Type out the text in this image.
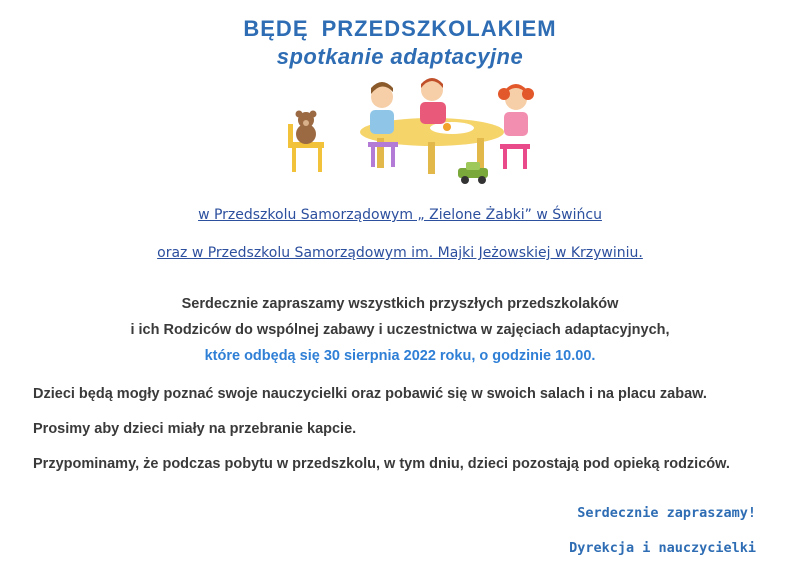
BĘDĘ PRZEDSZKOLAKIEM
spotkanie adaptacyjne
w Przedszkolu Samorządowym „ Zielone Żabki” w Świńcu
oraz w Przedszkolu Samorządowym im. Majki Jeżowskiej w Krzywiniu.
Serdecznie zapraszamy wszystkich przyszłych przedszkolaków
i ich Rodziców do wspólnej zabawy i uczestnictwa w zajęciach adaptacyjnych,
które odbędą się 30 sierpnia 2022 roku, o godzinie 10.00.
Dzieci będą mogły poznać swoje nauczycielki oraz pobawić się w swoich salach i na placu zabaw.
Prosimy aby dzieci miały na przebranie kapcie.
Przypominamy, że podczas pobytu w przedszkolu, w tym dniu, dzieci pozostają pod opieką rodziców.
Serdecznie zapraszamy!
Dyrekcja i nauczycielki
